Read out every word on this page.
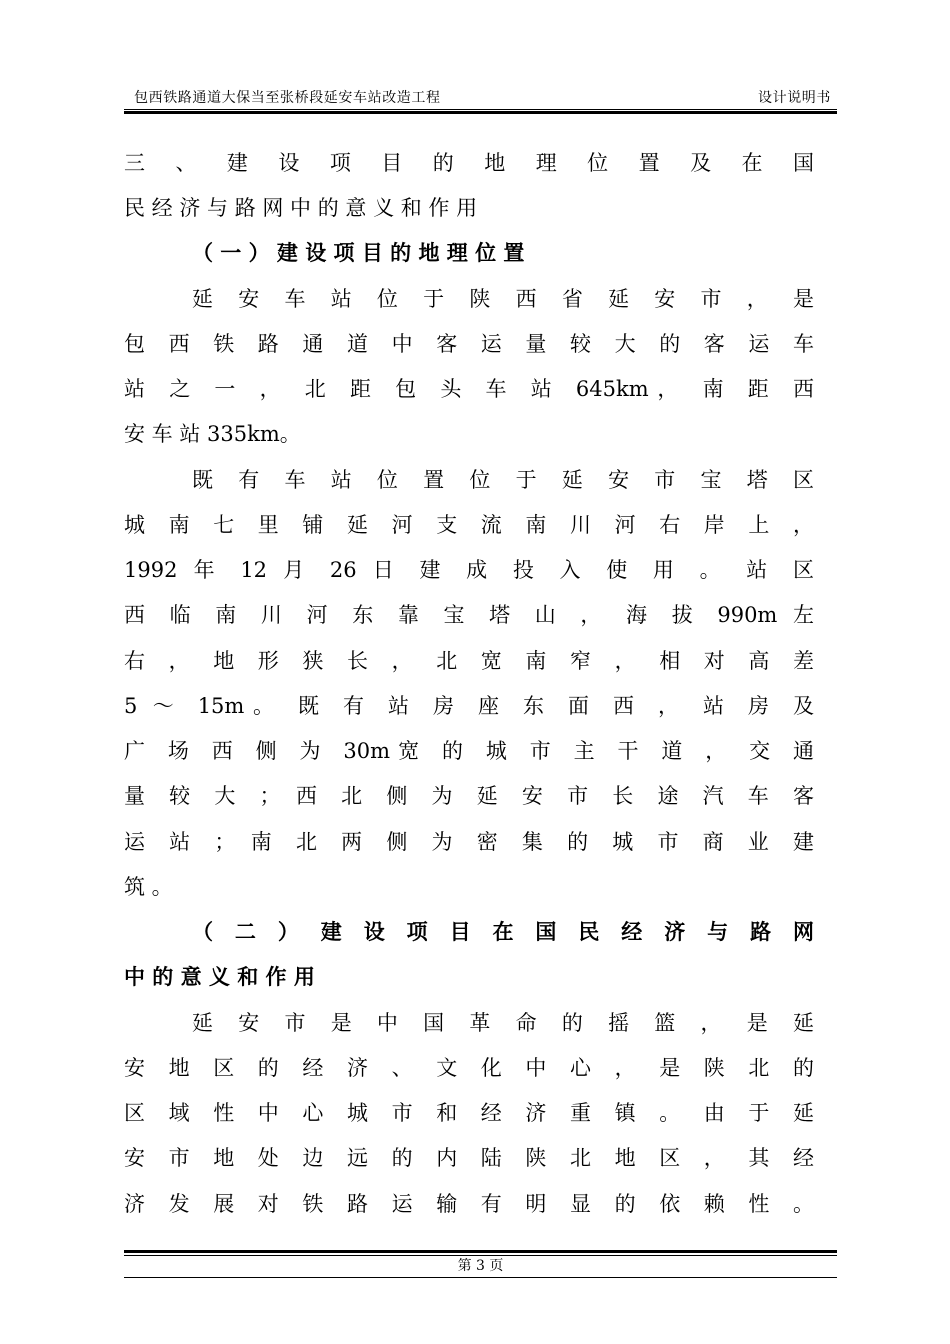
包西铁路通道大保当至张桥段延安车站改造工程	设计说明书
三 、 建 设 项 目 的 地 理 位 置 及 在 国
民 经 济 与 路 网 中 的 意 义 和 作 用
（ 一 ） 建 设 项 目 的 地 理 位 置
延 安 车 站 位 于 陕 西 省 延 安 市 ， 是
包 西 铁 路 通 道 中 客 运 量 较 大 的 客 运 车
站 之 一 ， 北 距 包 头 车 站 645km， 南 距 西
安 车 站 335km。
既 有 车 站 位 置 位 于 延 安 市 宝 塔 区
城 南 七 里 铺 延 河 支 流 南 川 河 右 岸 上 ，
1992 年 12 月 26 日 建 成 投 入 使 用 。 站 区
西 临 南 川 河 东 靠 宝 塔 山 ， 海 拔 990m 左
右 ， 地 形 狭 长 ， 北 宽 南 窄 ， 相 对 高 差
5 ～ 15m。 既 有 站 房 座 东 面 西 ， 站 房 及
广 场 西 侧 为 30m宽 的 城 市 主 干 道 ， 交 通
量 较 大 ； 西 北 侧 为 延 安 市 长 途 汽 车 客
运 站 ； 南 北 两 侧 为 密 集 的 城 市 商 业 建
筑 。
（ 二 ） 建 设 项 目 在 国 民 经 济 与 路 网
中 的 意 义 和 作 用
延 安 市 是 中 国 革 命 的 摇 篮 ， 是 延
安 地 区 的 经 济 、 文 化 中 心 ， 是 陕 北 的
区 域 性 中 心 城 市 和 经 济 重 镇 。 由 于 延
安 市 地 处 边 远 的 内 陆 陕 北 地 区 ， 其 经
济 发 展 对 铁 路 运 输 有 明 显 的 依 赖 性 。
第 3 页
